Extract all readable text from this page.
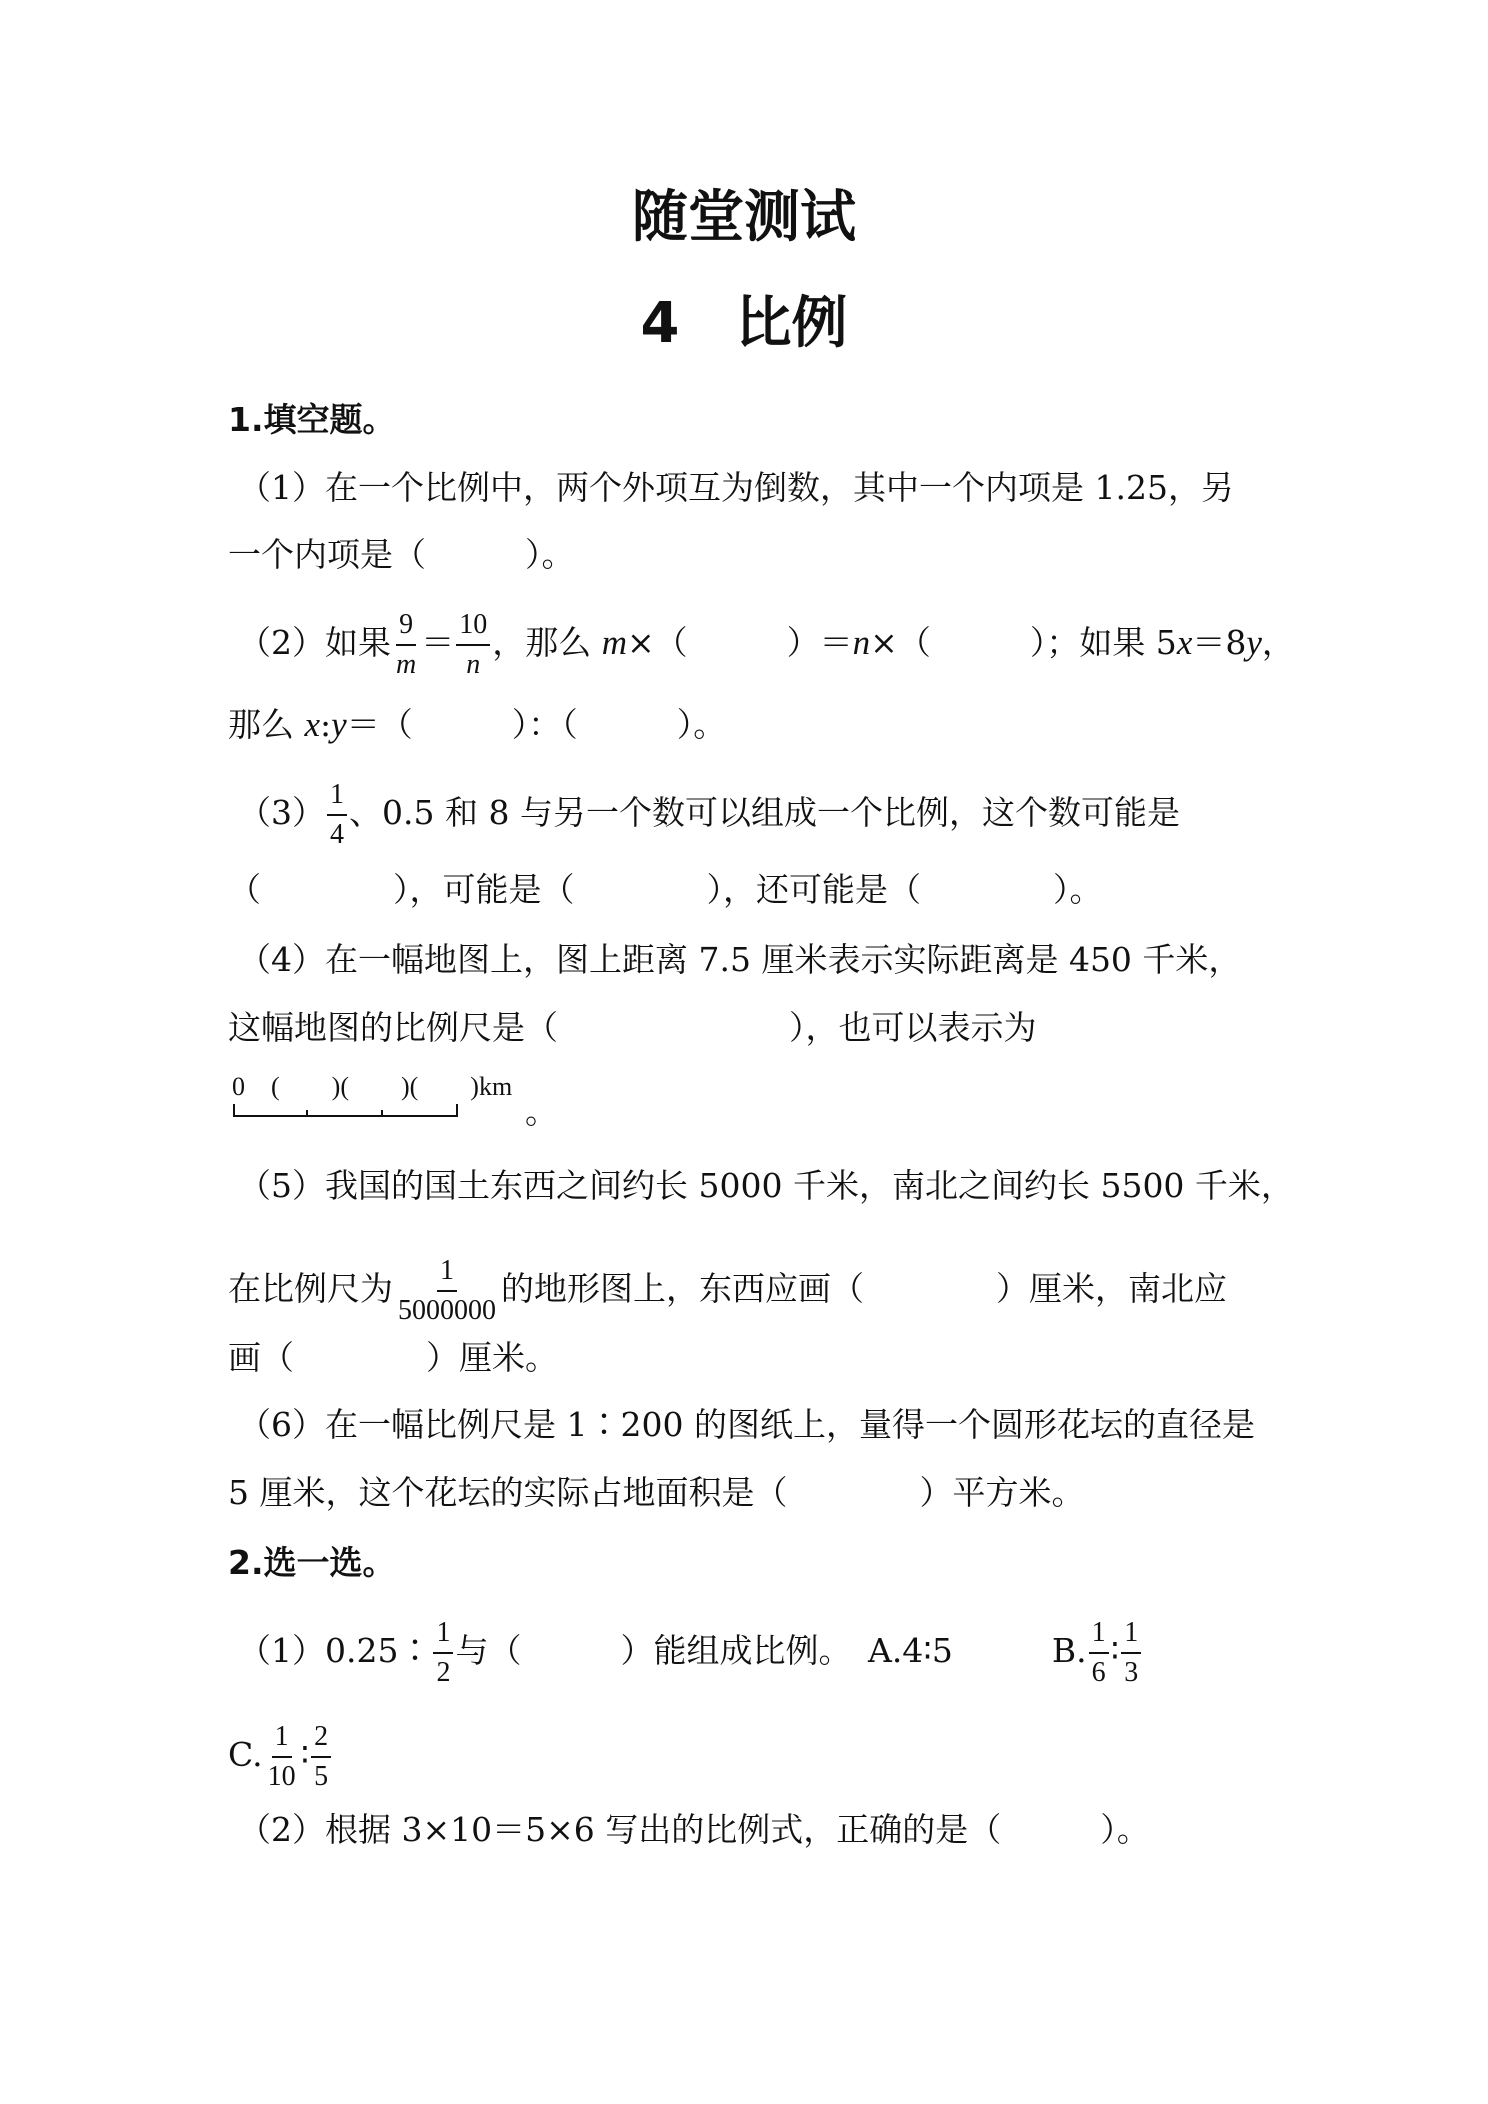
随堂测试
4　比例
1.填空题。
（1）在一个比例中，两个外项互为倒数，其中一个内项是 1.25，另
一个内项是（　　　）。
（2）如果 $\frac{9}{m} = \frac{10}{n}$ ，那么 m×（　　　）＝n×（　　　）；如果 5x＝8y，
那么 x:y＝（　　　）：（　　　）。
$(3) \frac{1}{4}$ 、0.5 和 8 与另一个数可以组成一个比例，这个数可能是
（　　　　），可能是（　　　　），还可能是（　　　　）。
（4）在一幅地图上，图上距离 7.5 厘米表示实际距离是 450 千米，
这幅地图的比例尺是（　　　　　　　），也可以表示为
0　(　　)(　　)(　　)km
。
（5）我国的国土东西之间约长 5000 千米，南北之间约长 5500 千米，
在比例尺为 $\frac{1}{5000000}$ 的地形图上，东西应画（　　　　）厘米，南北应
画（　　　　）厘米。
（6）在一幅比例尺是 1∶200 的图纸上，量得一个圆形花坛的直径是
5 厘米，这个花坛的实际占地面积是（　　　　）平方米。
2.选一选。
（1）0.25∶ $\frac{1}{2}$ 与（　　　）能组成比例。　A.4∶5　　　B. $\frac{1}{6}$ ∶ $\frac{1}{3}$
C. $\frac{1}{10}$ ∶ $\frac{2}{5}$
（2）根据 3×10＝5×6 写出的比例式，正确的是（　　　）。
